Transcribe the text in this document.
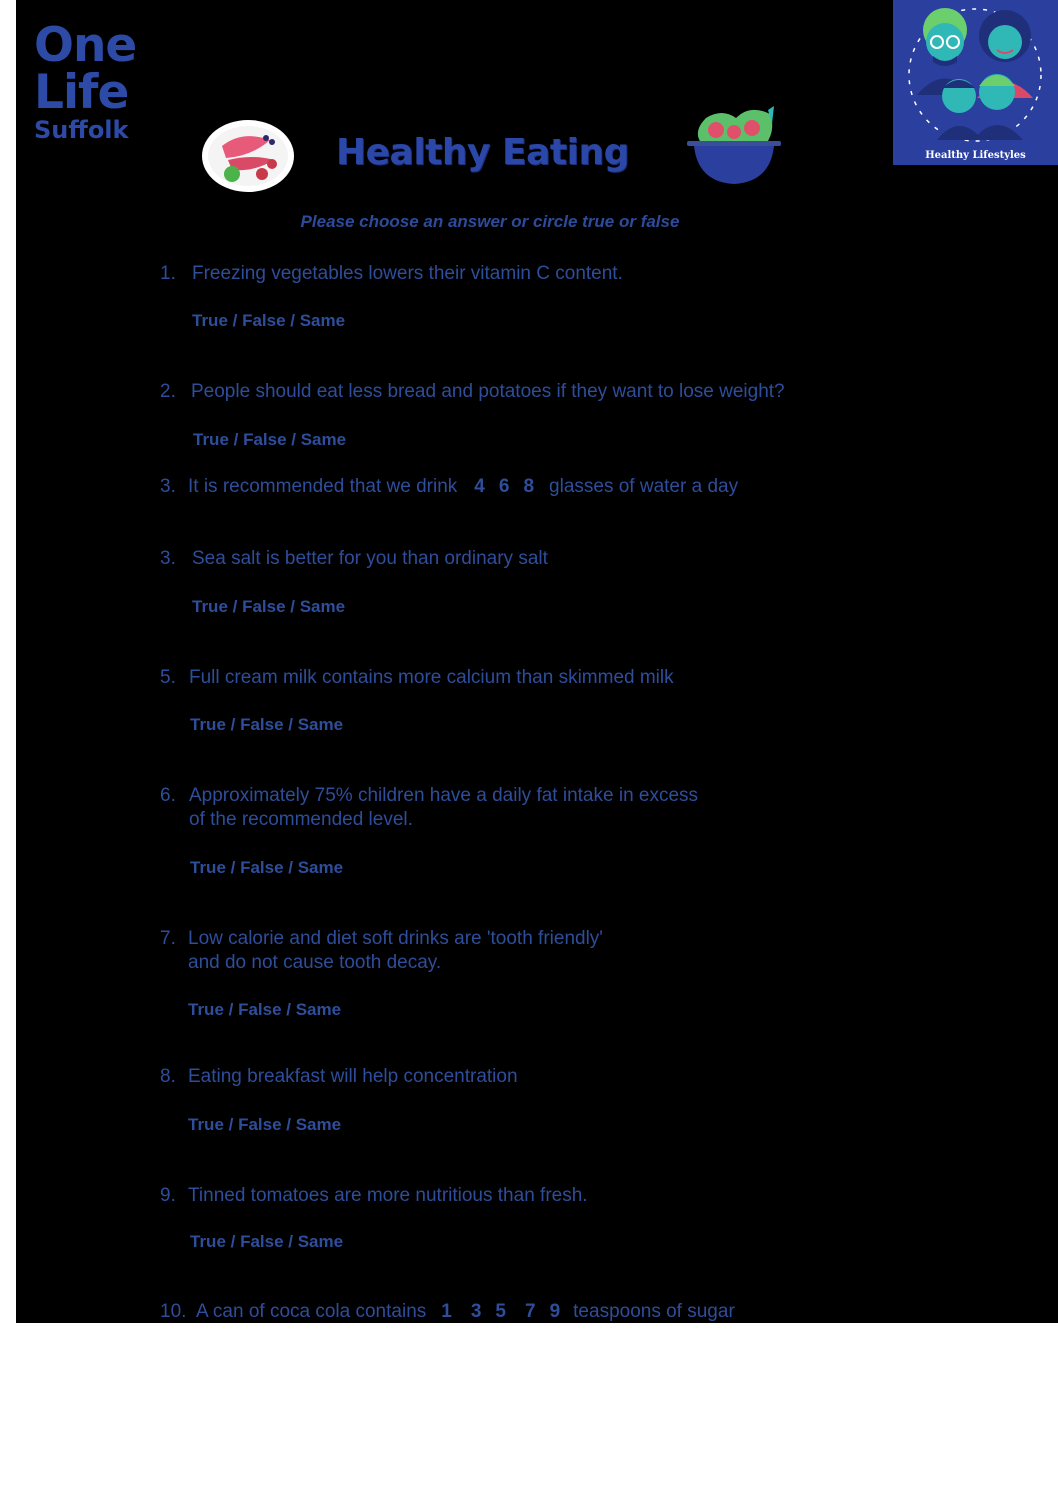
One
Life
Suffolk
Healthy Lifestyles
Healthy Eating
Please choose an answer or circle true or false
1. Freezing vegetables lowers their vitamin C content.
True / False / Same
2. People should eat less bread and potatoes if they want to lose weight?
True / False / Same
3. It is recommended that we drink 4 6 8 glasses of water a day
3. Sea salt is better for you than ordinary salt
True / False / Same
5. Full cream milk contains more calcium than skimmed milk
True / False / Same
6. Approximately 75% children have a daily fat intake in excess
of the recommended level.
True / False / Same
7. Low calorie and diet soft drinks are 'tooth friendly'
and do not cause tooth decay.
True / False / Same
8. Eating breakfast will help concentration
True / False / Same
9. Tinned tomatoes are more nutritious than fresh.
True / False / Same
10. A can of coca cola contains 1 3 5 7 9 teaspoons of sugar
